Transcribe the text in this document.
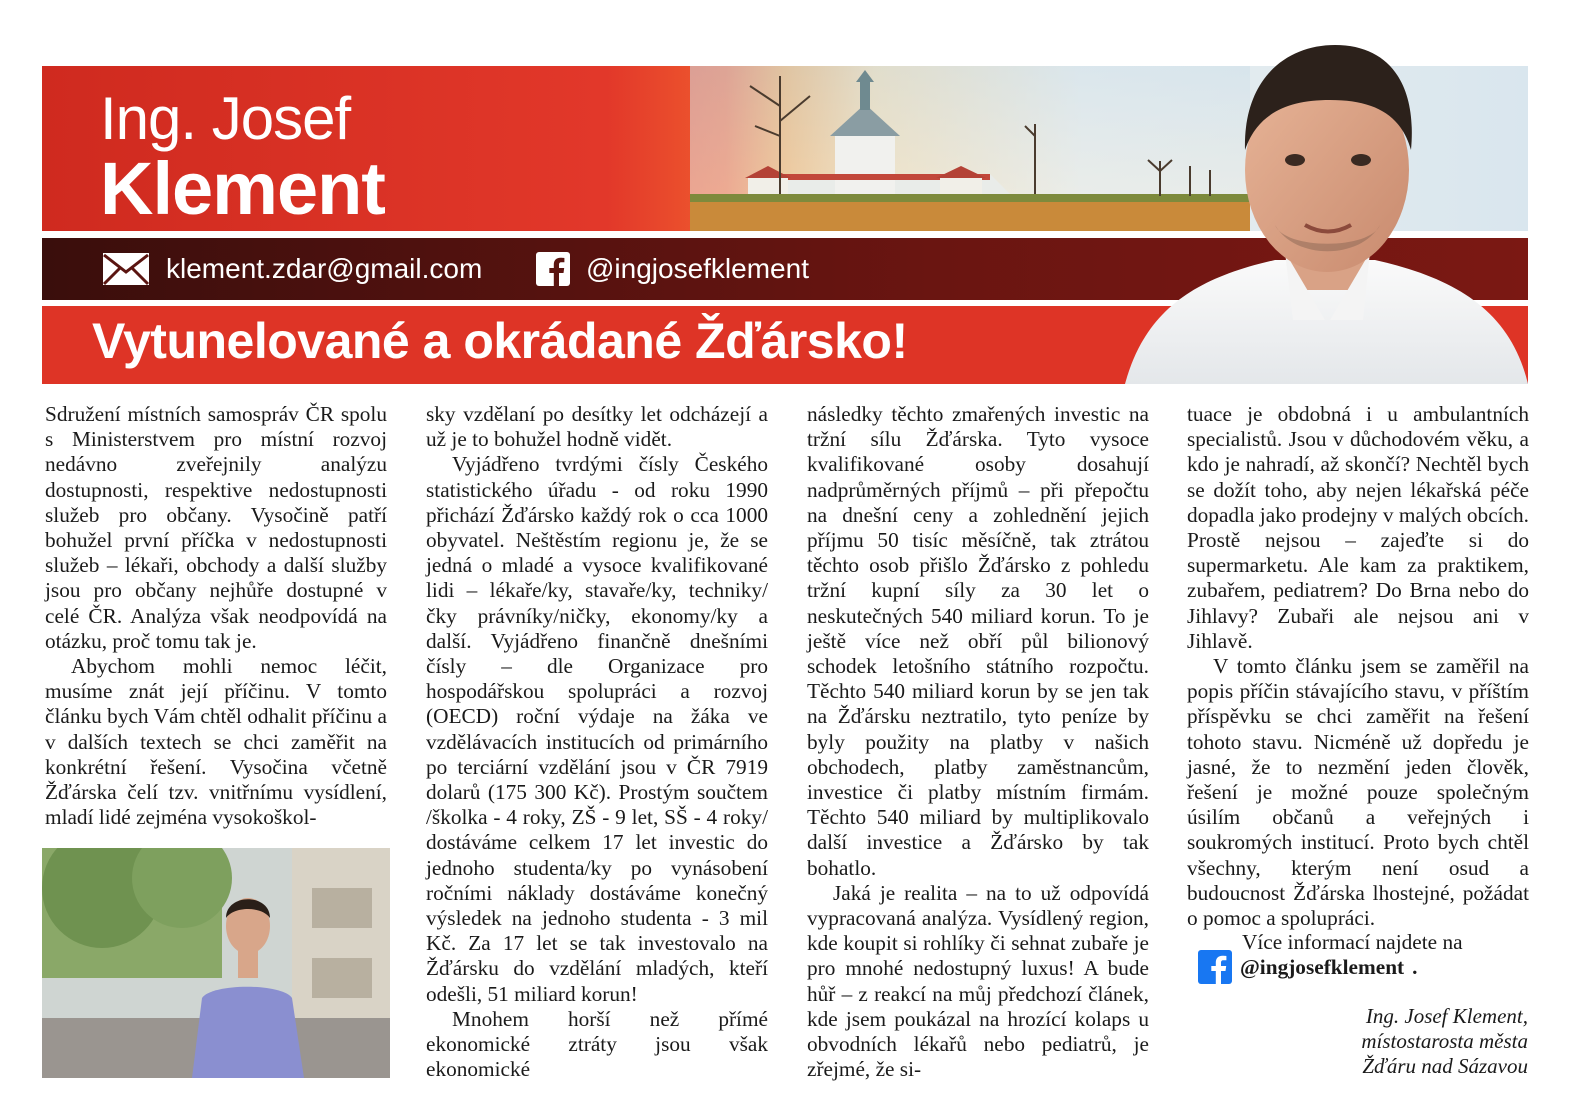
Ing. Josef
Klement
klement.zdar@gmail.com	@ingjosefklement
Vytunelované a okrádané Žďársko!

Sdružení místních samospráv ČR spolu s Ministerstvem pro místní rozvoj nedávno zveřejnily analýzu dostupnosti, respektive nedostupnosti služeb pro občany. Vysočině patří bohužel první příčka v nedostupnosti služeb – lékaři, obchody a další služby jsou pro občany nejhůře dostupné v celé ČR. Analýza však neodpovídá na otázku, proč tomu tak je.

Abychom mohli nemoc léčit, musíme znát její příčinu. V tomto článku bych Vám chtěl odhalit příčinu a v dalších textech se chci zaměřit na konkrétní řešení. Vysočina včetně Žďárska čelí tzv. vnitřnímu vysídlení, mladí lidé zejména vysokoškol-

sky vzdělaní po desítky let odcházejí a už je to bohužel hodně vidět.

Vyjádřeno tvrdými čísly Českého statistického úřadu - od roku 1990 přichází Žďársko každý rok o cca 1000 obyvatel. Neštěstím regionu je, že se jedná o mladé a vysoce kvalifikované lidi – lékaře/ky, stavaře/ky, techniky/čky právníky/ničky, ekonomy/ky a další. Vyjádřeno finančně dnešními čísly – dle Organizace pro hospodářskou spolupráci a rozvoj (OECD) roční výdaje na žáka ve vzdělávacích institucích od primárního po terciární vzdělání jsou v ČR 7919 dolarů (175 300 Kč). Prostým součtem /školka - 4 roky, ZŠ - 9 let, SŠ - 4 roky/ dostáváme celkem 17 let investic do jednoho studenta/ky po vynásobení ročními náklady dostáváme konečný výsledek na jednoho studenta - 3 mil Kč. Za 17 let se tak investovalo na Žďársku do vzdělání mladých, kteří odešli, 51 miliard korun!

Mnohem horší než přímé ekonomické ztráty jsou však ekonomické

následky těchto zmařených investic na tržní sílu Žďárska. Tyto vysoce kvalifikované osoby dosahují nadprůměrných příjmů – při přepočtu na dnešní ceny a zohlednění jejich příjmu 50 tisíc měsíčně, tak ztrátou těchto osob přišlo Žďársko z pohledu tržní kupní síly za 30 let o neskutečných 540 miliard korun. To je ještě více než obří půl bilionový schodek letošního státního rozpočtu. Těchto 540 miliard korun by se jen tak na Žďársku neztratilo, tyto peníze by byly použity na platby v našich obchodech, platby zaměstnancům, investice či platby místním firmám. Těchto 540 miliard by multiplikovalo další investice a Žďársko by tak bohatlo.

Jaká je realita – na to už odpovídá vypracovaná analýza. Vysídlený region, kde koupit si rohlíky či sehnat zubaře je pro mnohé nedostupný luxus! A bude hůř – z reakcí na můj předchozí článek, kde jsem poukázal na hrozící kolaps u obvodních lékařů nebo pediatrů, je zřejmé, že si-

tuace je obdobná i u ambulantních specialistů. Jsou v důchodovém věku, a kdo je nahradí, až skončí? Nechtěl bych se dožít toho, aby nejen lékařská péče dopadla jako prodejny v malých obcích. Prostě nejsou – zajeďte si do supermarketu. Ale kam za praktikem, zubařem, pediatrem? Do Brna nebo do Jihlavy? Zubaři ale nejsou ani v Jihlavě.

V tomto článku jsem se zaměřil na popis příčin stávajícího stavu, v příštím příspěvku se chci zaměřit na řešení tohoto stavu. Nicméně už dopředu je jasné, že to nezmění jeden člověk, řešení je možné pouze společným úsilím občanů a veřejných i soukromých institucí. Proto bych chtěl všechny, kterým není osud a budoucnost Žďárska lhostejné, požádat o pomoc a spolupráci.

Více informací najdete na
@ingjosefklement .
Ing. Josef Klement,
místostarosta města
Žďáru nad Sázavou
